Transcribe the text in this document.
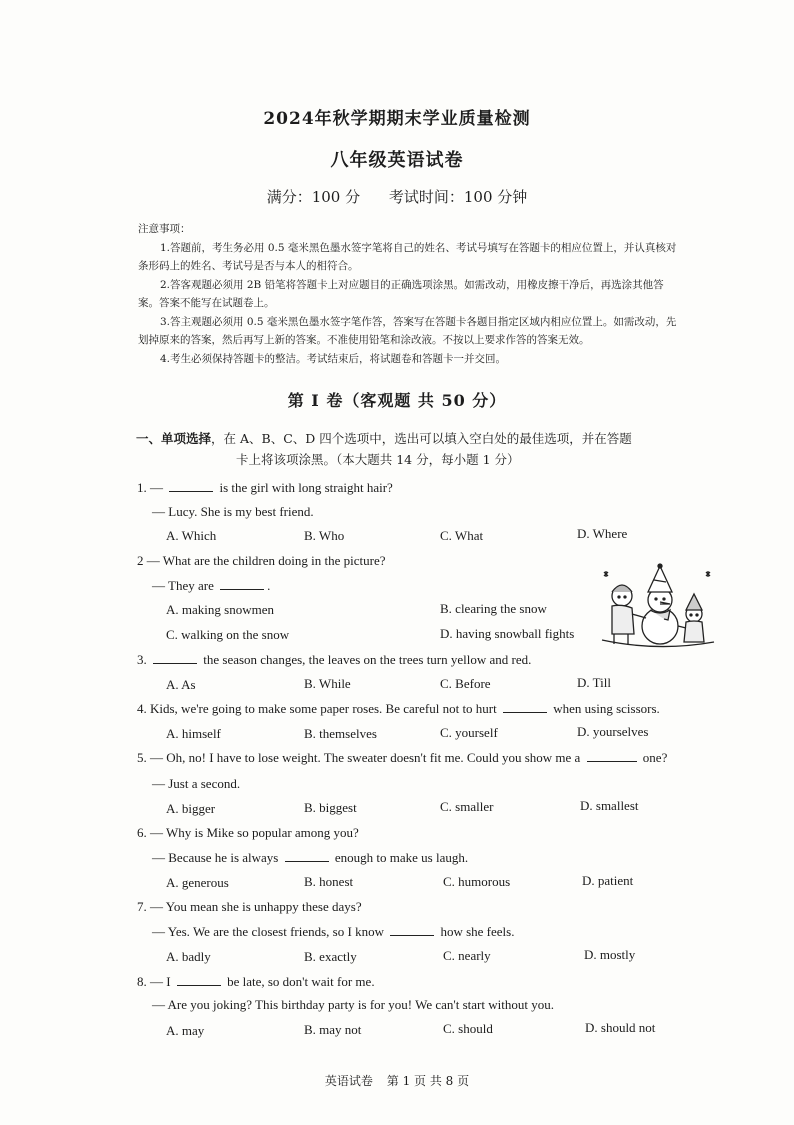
2024年秋学期期末学业质量检测
八年级英语试卷
满分：100 分 考试时间：100 分钟
注意事项：

1.答题前，考生务必用 0.5 毫米黑色墨水签字笔将自己的姓名、考试号填写在答题卡的相应位置上，并认真核对条形码上的姓名、考试号是否与本人的相符合。

2.答客观题必须用 2B 铅笔将答题卡上对应题目的正确选项涂黑。如需改动，用橡皮擦干净后，再选涂其他答案。答案不能写在试题卷上。

3.答主观题必须用 0.5 毫米黑色墨水签字笔作答，答案写在答题卡各题目指定区域内相应位置上。如需改动，先划掉原来的答案，然后再写上新的答案。不准使用铅笔和涂改液。不按以上要求作答的答案无效。

4.考生必须保持答题卡的整洁。考试结束后，将试题卷和答题卡一并交回。

第 I 卷（客观题 共 50 分）
一、单项选择，在 A、B、C、D 四个选项中，选出可以填入空白处的最佳选项，并在答题
卡上将该项涂黑。（本大题共 14 分，每小题 1 分）
1. —	is the girl with long straight hair?
— Lucy. She is my best friend.
A. Which	B. Who	C. What	D. Where
2 — What are the children doing in the picture?
— They are	.
A. making snowmen	B. clearing the snow
C. walking on the snow	D. having snowball fights
3.	the season changes, the leaves on the trees turn yellow and red.
A. As	B. While	C. Before	D. Till
4. Kids, we're going to make some paper roses. Be careful not to hurt	when using scissors.
A. himself	B. themselves	C. yourself	D. yourselves
5. — Oh, no! I have to lose weight. The sweater doesn't fit me. Could you show me a	one?
— Just a second.
A. bigger	B. biggest	C. smaller	D. smallest
6. — Why is Mike so popular among you?
— Because he is always	enough to make us laugh.
A. generous	B. honest	C. humorous	D. patient
7. — You mean she is unhappy these days?
— Yes. We are the closest friends, so I know	how she feels.
A. badly	B. exactly	C. nearly	D. mostly
8. — I	be late, so don't wait for me.
— Are you joking? This birthday party is for you! We can't start without you.
A. may	B. may not	C. should	D. should not
英语试卷 第 1 页 共 8 页
